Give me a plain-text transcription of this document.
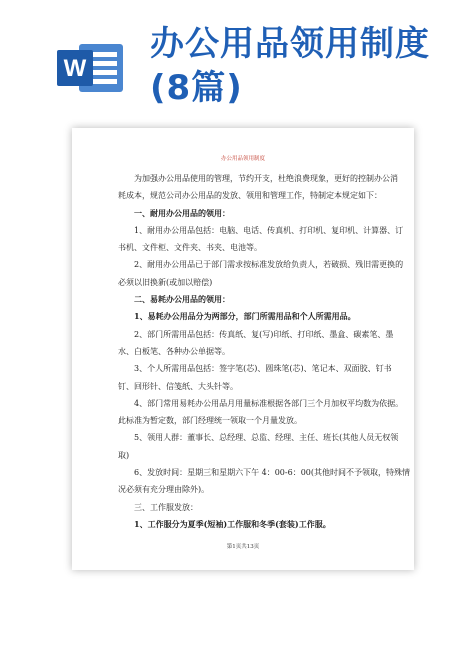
W
办公用品领用制度
(8篇)

办公用品领用制度

为加强办公用品使用的管理，节约开支，杜绝浪费现象，更好的控制办公消

耗成本，规范公司办公用品的发放、领用和管理工作，特制定本规定如下：

一、耐用办公用品的领用：

1、耐用办公用品包括：电脑、电话、传真机、打印机、复印机、计算器、订

书机、文件柜、文件夹、书夹、电池等。

2、耐用办公用品已于部门需求按标准发放给负责人，若破损、残旧需更换的

必须以旧换新(或加以赔偿)

二、易耗办公用品的领用：

1、易耗办公用品分为两部分，部门所需用品和个人所需用品。

2、部门所需用品包括：传真纸、复(写)印纸、打印纸、墨盒、碳素笔、墨

水、白板笔、各种办公单据等。

3、个人所需用品包括：签字笔(芯)、圆珠笔(芯)、笔记本、双面胶、钉书

钉、回形针、信笺纸、大头针等。

4、部门常用易耗办公用品月用量标准根据各部门三个月加权平均数为依据。

此标准为暂定数，部门经理统一领取一个月量发放。

5、领用人群：董事长、总经理、总监、经理、主任、班长(其他人员无权领

取)

6、发放时间：星期三和星期六下午 4：00-6：00(其他时间不予领取，特殊情

况必须有充分理由除外)。

三、工作服发放：

1、工作服分为夏季(短袖)工作服和冬季(套装)工作服。

第1页共13页
